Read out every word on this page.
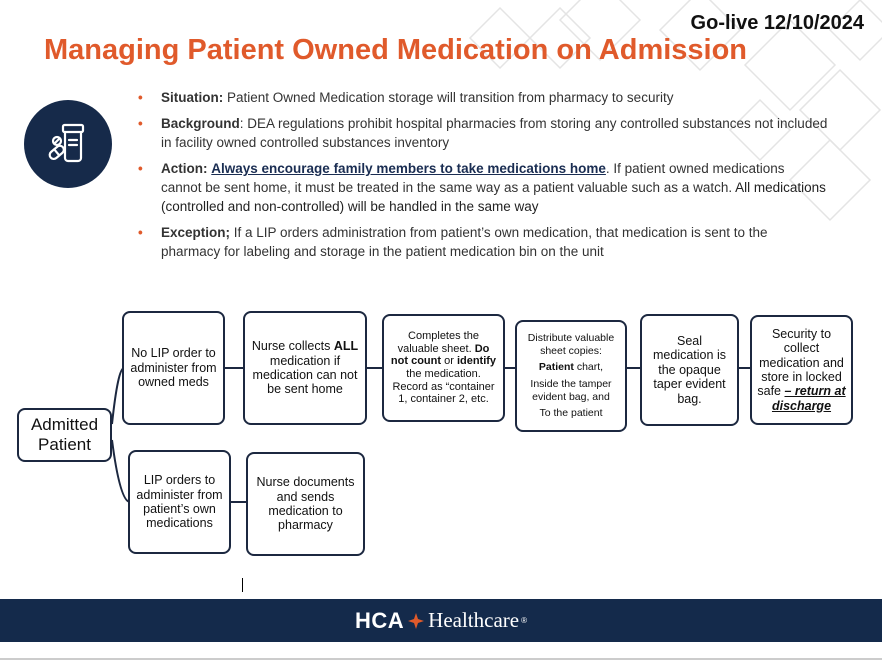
Go-live 12/10/2024
Managing Patient Owned Medication on Admission
• Situation: Patient Owned Medication storage will transition from pharmacy to security
• Background: DEA regulations prohibit hospital pharmacies from storing any controlled substances not included in facility owned controlled substances inventory
• Action: Always encourage family members to take medications home. If patient owned medications cannot be sent home, it must be treated in the same way as a patient valuable such as a watch. All medications (controlled and non-controlled) will be handled in the same way
• Exception; If a LIP orders administration from patient’s own medication, that medication is sent to the pharmacy for labeling and storage in the patient medication bin on the unit
Admitted
Patient
No LIP order to administer from owned meds
Nurse collects ALL medication if medication can not be sent home
Completes the valuable sheet. Do not count or identify the medication. Record as “container 1, container 2, etc.
Distribute valuable sheet copies:
Patient chart,
Inside the tamper evident bag, and
To the patient
Seal medication is the opaque taper evident bag.
Security to collect medication and store in locked safe – return at discharge
LIP orders to administer from patient’s own medications
Nurse documents and sends medication to pharmacy
HCA Healthcare ®
